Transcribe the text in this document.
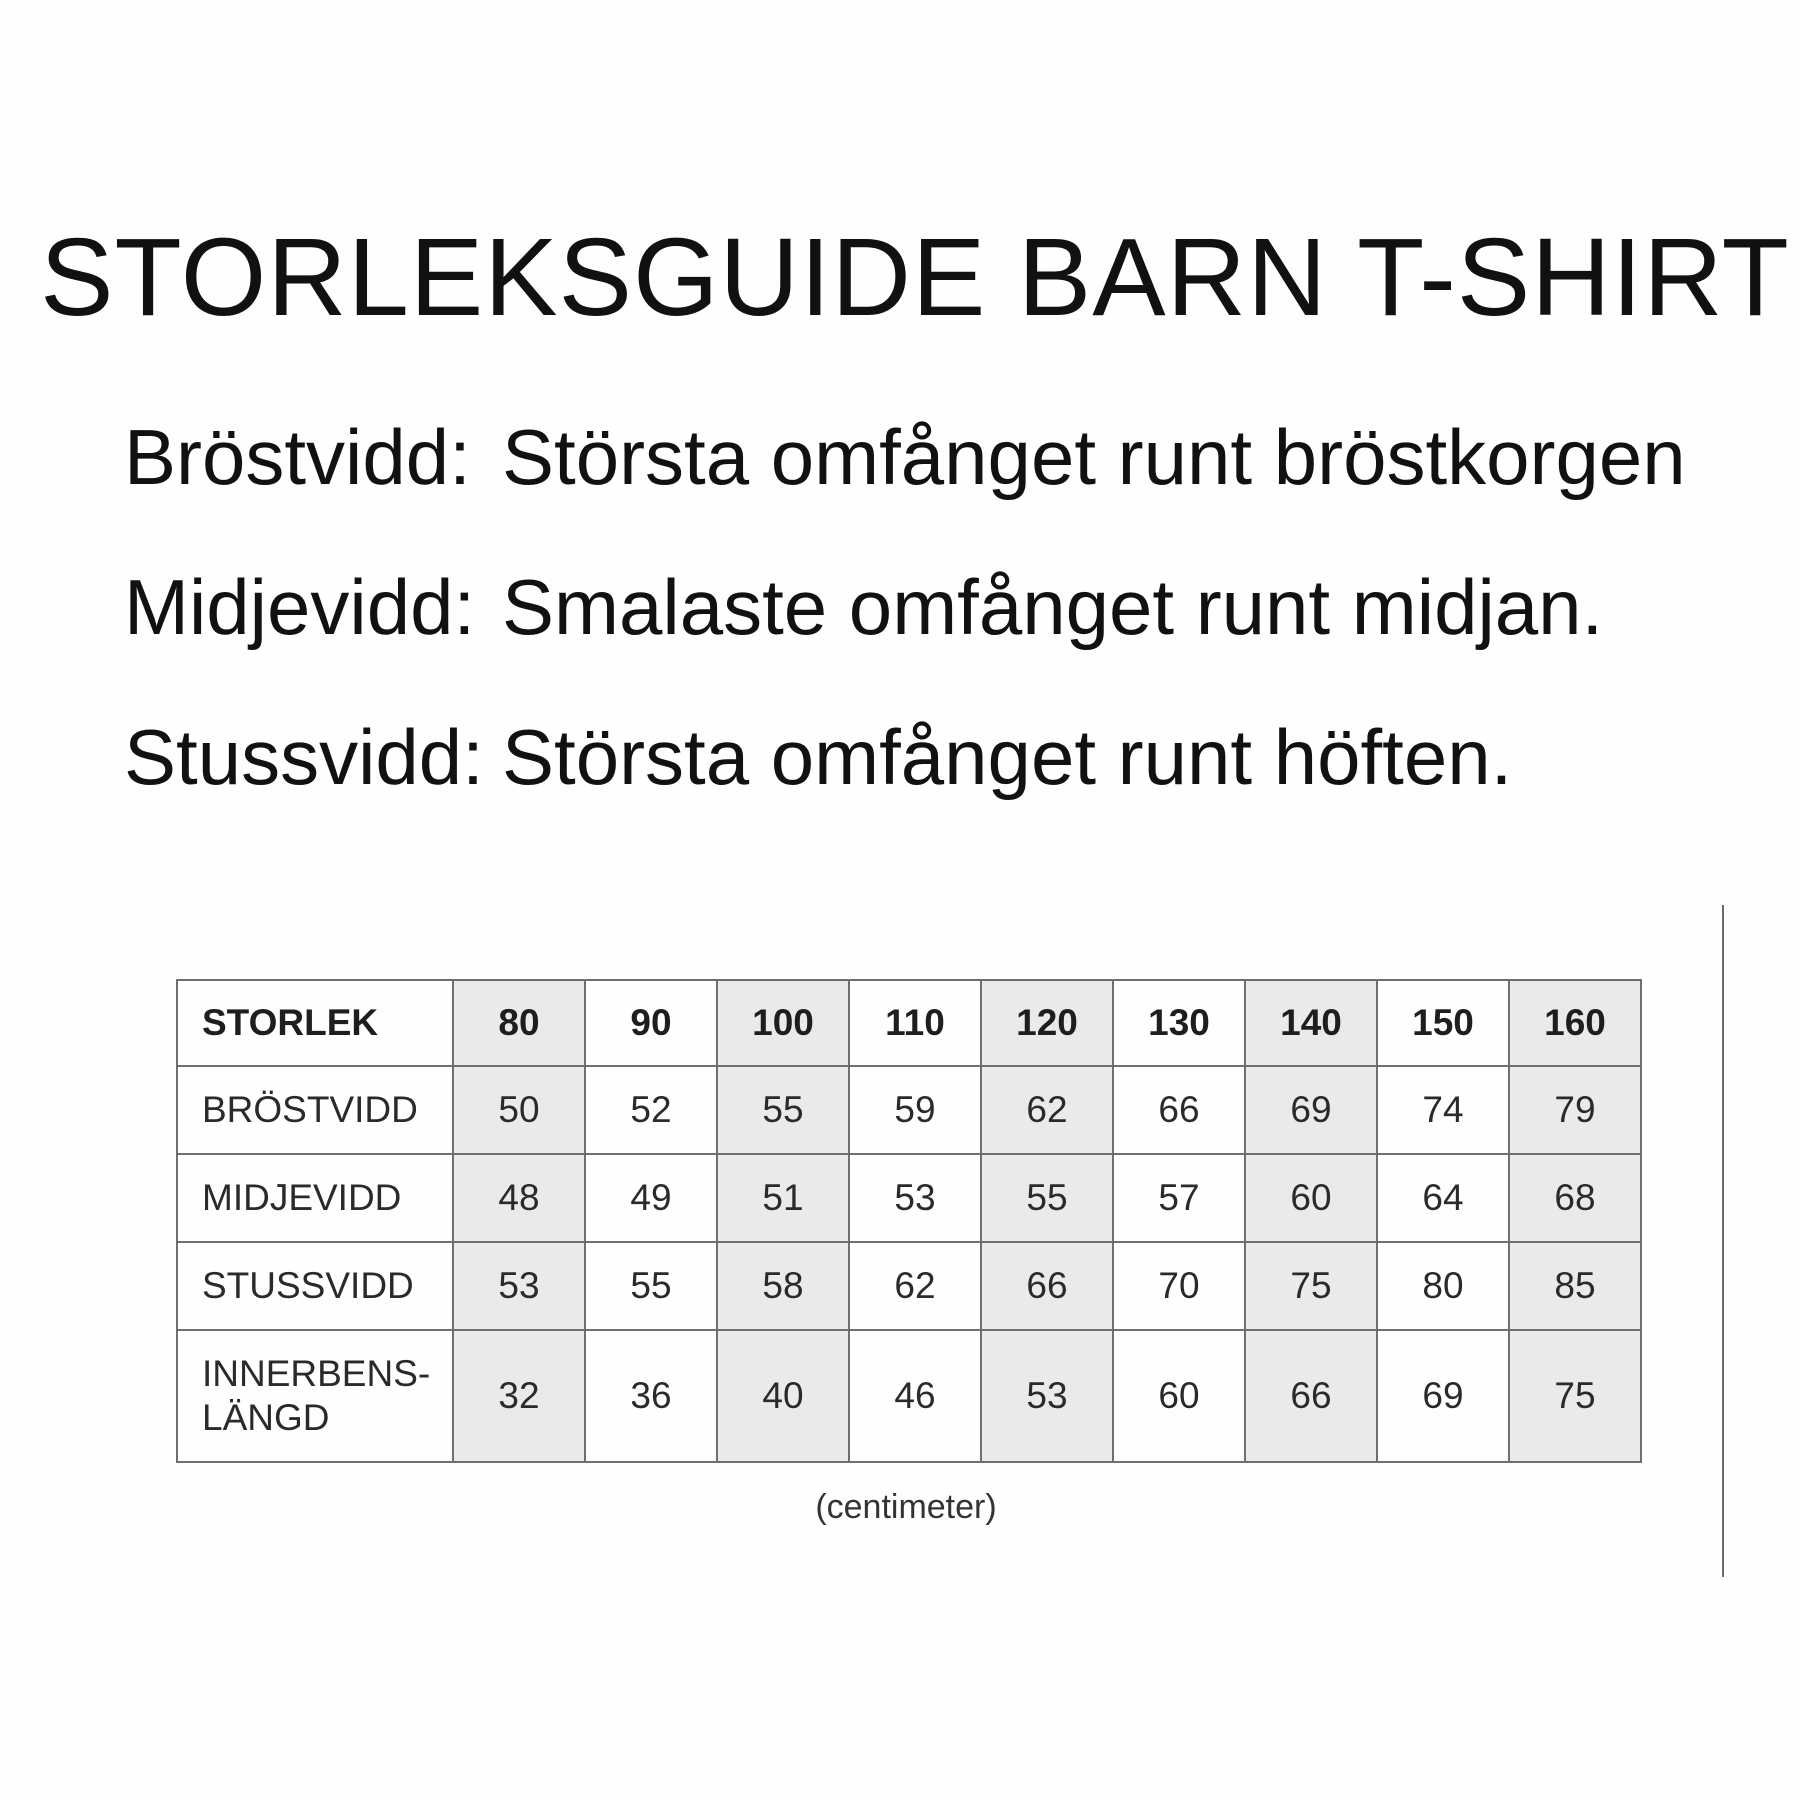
STORLEKSGUIDE BARN T-SHIRT
Bröstvidd: Största omfånget runt bröstkorgen
Midjevidd: Smalaste omfånget runt midjan.
Stussvidd: Största omfånget runt höften.
STORLEK	80	90	100	110	120	130	140	150	160
BRÖSTVIDD	50	52	55	59	62	66	69	74	79
MIDJEVIDD	48	49	51	53	55	57	60	64	68
STUSSVIDD	53	55	58	62	66	70	75	80	85
INNERBENS-
LÄNGD	32	36	40	46	53	60	66	69	75
(centimeter)
